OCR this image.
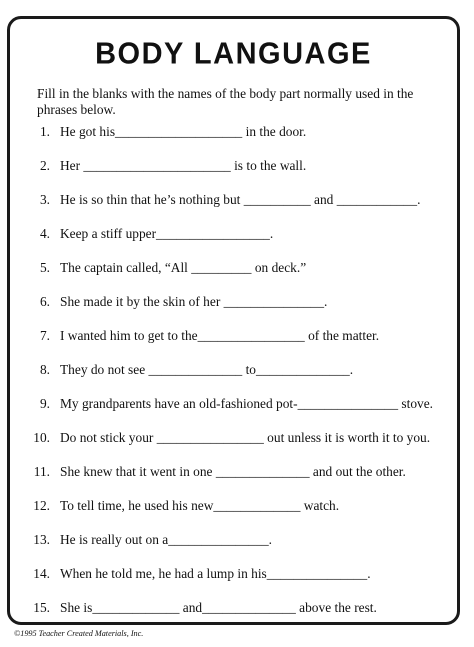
BODY LANGUAGE
Fill in the blanks with the names of the body part normally used in the phrases below.
1. He got his___________________ in the door.
2. Her ______________________ is to the wall.
3. He is so thin that he’s nothing but __________ and ____________.
4. Keep a stiff upper_________________.
5. The captain called, “All _________ on deck.”
6. She made it by the skin of her _______________.
7. I wanted him to get to the________________ of the matter.
8. They do not see ______________ to______________.
9. My grandparents have an old-fashioned pot-_______________ stove.
10. Do not stick your ________________ out unless it is worth it to you.
11. She knew that it went in one ______________ and out the other.
12. To tell time, he used his new_____________ watch.
13. He is really out on a_______________.
14. When he told me, he had a lump in his_______________.
15. She is_____________ and______________ above the rest.
©1995 Teacher Created Materials, Inc.
